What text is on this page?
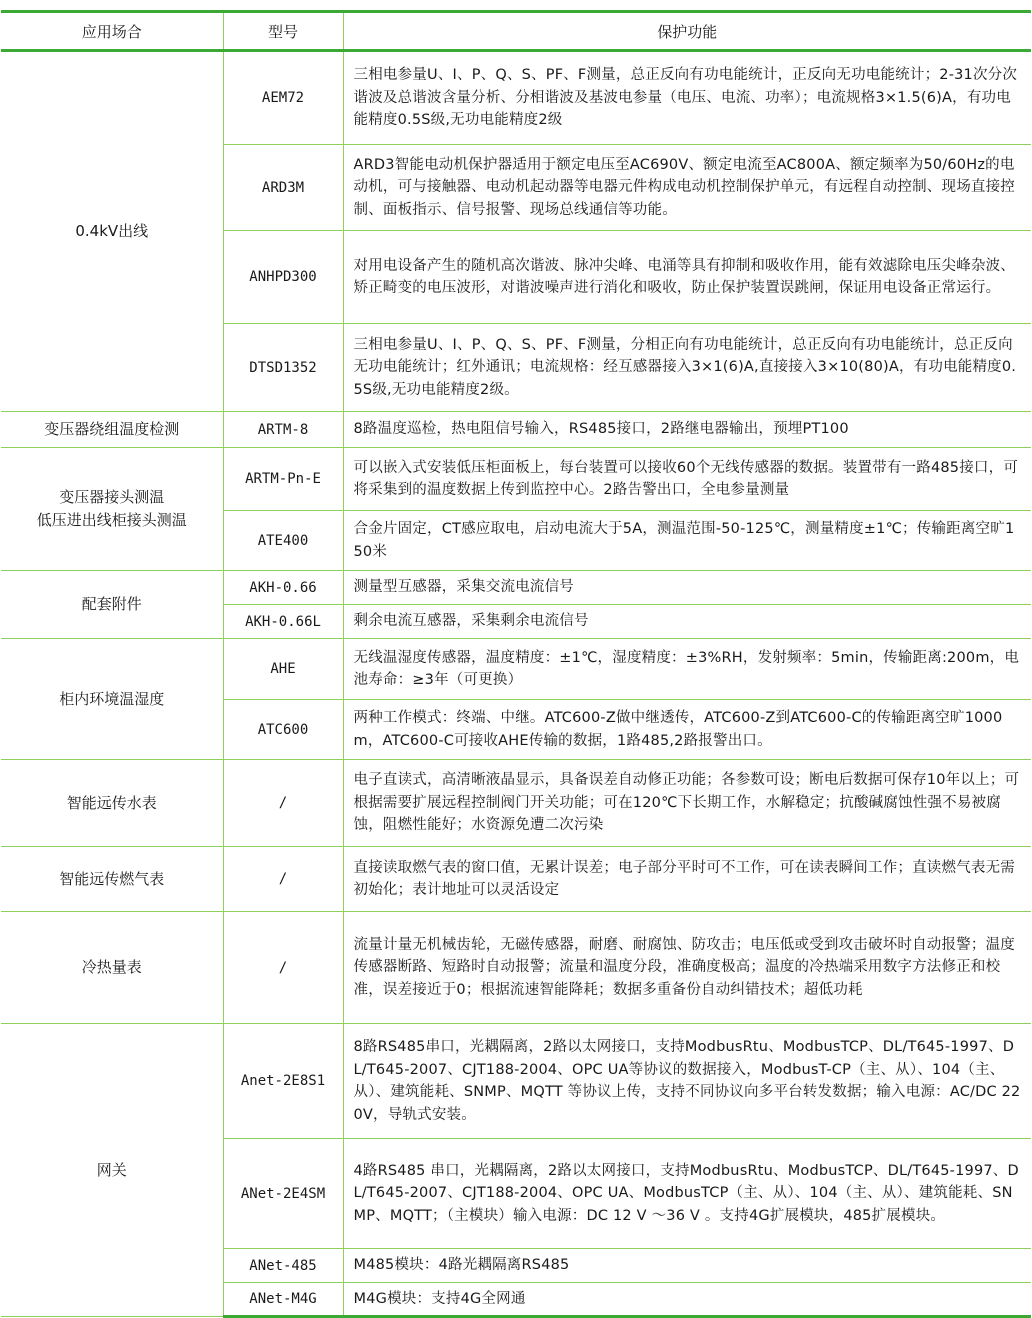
应用场合	型号	保护功能
0.4kV出线	AEM72	三相电参量U、I、P、Q、S、PF、F测量，总正反向有功电能统计，正反向无功电能统计；2-31次分次谐波及总谐波含量分析、分相谐波及基波电参量（电压、电流、功率）；电流规格3×1.5(6)A，有功电能精度0.5S级,无功电能精度2级
	ARD3M	ARD3智能电动机保护器适用于额定电压至AC690V、额定电流至AC800A、额定频率为50/60Hz的电动机，可与接触器、电动机起动器等电器元件构成电动机控制保护单元，有远程自动控制、现场直接控制、面板指示、信号报警、现场总线通信等功能。
	ANHPD300	对用电设备产生的随机高次谐波、脉冲尖峰、电涌等具有抑制和吸收作用，能有效滤除电压尖峰杂波、矫正畸变的电压波形，对谐波噪声进行消化和吸收，防止保护装置误跳闸，保证用电设备正常运行。
	DTSD1352	三相电参量U、I、P、Q、S、PF、F测量，分相正向有功电能统计，总正反向有功电能统计，总正反向无功电能统计；红外通讯；电流规格：经互感器接入3×1(6)A,直接接入3×10(80)A，有功电能精度0.5S级,无功电能精度2级。
变压器绕组温度检测	ARTM-8	8路温度巡检，热电阻信号输入，RS485接口，2路继电器输出，预埋PT100

变压器接头测温
低压进出线柜接头测温	ARTM-Pn-E	可以嵌入式安装低压柜面板上，每台装置可以接收60个无线传感器的数据。装置带有一路485接口，可将采集到的温度数据上传到监控中心。2路告警出口，全电参量测量
	ATE400	合金片固定，CT感应取电，启动电流大于5A，测温范围-50-125℃，测量精度±1℃；传输距离空旷150米
配套附件	AKH-0.66	测量型互感器，采集交流电流信号
	AKH-0.66L	剩余电流互感器，采集剩余电流信号
柜内环境温湿度	AHE	无线温湿度传感器，温度精度：±1℃，湿度精度：±3%RH，发射频率：5min，传输距离:200m，电池寿命：≥3年（可更换）
	ATC600	两种工作模式：终端、中继。ATC600-Z做中继透传，ATC600-Z到ATC600-C的传输距离空旷1000m，ATC600-C可接收AHE传输的数据，1路485,2路报警出口。
智能远传水表	/	电子直读式，高清晰液晶显示，具备误差自动修正功能；各参数可设；断电后数据可保存10年以上；可根据需要扩展远程控制阀门开关功能；可在120℃下长期工作，水解稳定；抗酸碱腐蚀性强不易被腐蚀，阻燃性能好；水资源免遭二次污染
智能远传燃气表	/	直接读取燃气表的窗口值，无累计误差；电子部分平时可不工作，可在读表瞬间工作；直读燃气表无需初始化；表计地址可以灵活设定
冷热量表	/	流量计量无机械齿轮，无磁传感器，耐磨、耐腐蚀、防攻击；电压低或受到攻击破坏时自动报警；温度传感器断路、短路时自动报警；流量和温度分段，准确度极高；温度的冷热端采用数字方法修正和校准，误差接近于0；根据流速智能降耗；数据多重备份自动纠错技术；超低功耗
网关	Anet-2E8S1	8路RS485串口，光耦隔离，2路以太网接口，支持ModbusRtu、ModbusTCP、DL/T645-1997、DL/T645-2007、CJT188-2004、OPC UA等协议的数据接入，ModbusT-CP（主、从）、104（主、从）、建筑能耗、SNMP、MQTT 等协议上传，支持不同协议向多平台转发数据；输入电源：AC/DC 220V，导轨式安装。
	ANet-2E4SM	4路RS485 串口，光耦隔离，2路以太网接口，支持ModbusRtu、ModbusTCP、DL/T645-1997、DL/T645-2007、CJT188-2004、OPC UA、ModbusTCP（主、从）、104（主、从）、建筑能耗、SNMP、MQTT；（主模块）输入电源：DC 12 V ～36 V 。支持4G扩展模块，485扩展模块。
	ANet-485	M485模块：4路光耦隔离RS485
	ANet-M4G	M4G模块：支持4G全网通
